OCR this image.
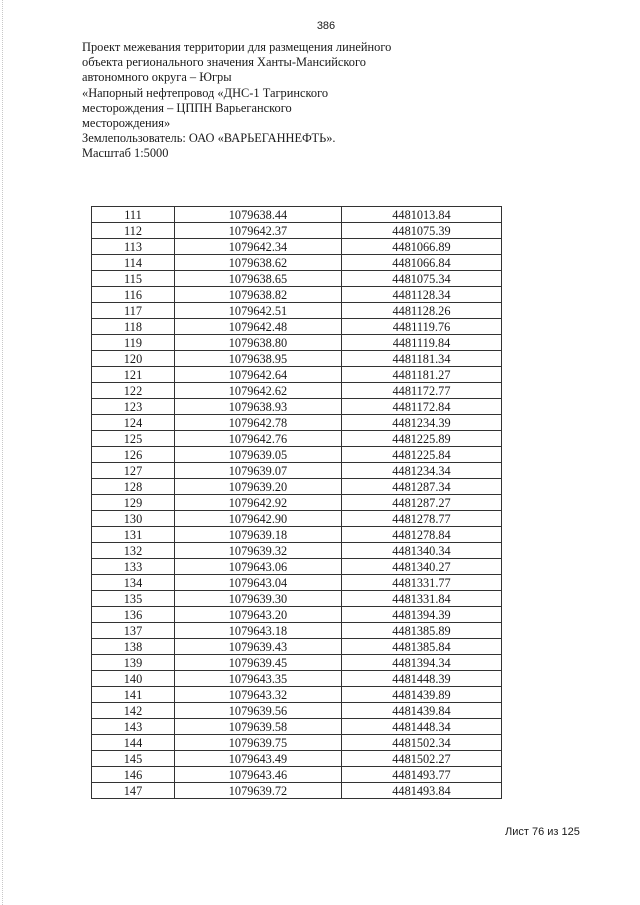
386
Проект межевания территории для размещения линейного
объекта регионального значения Ханты-Мансийского
автономного округа – Югры
«Напорный нефтепровод «ДНС-1 Тагринского
месторождения – ЦППН Варьеганского
месторождения»
Землепользователь: ОАО «ВАРЬЕГАННЕФТЬ».
Масштаб 1:5000
111	1079638.44	4481013.84
112	1079642.37	4481075.39
113	1079642.34	4481066.89
114	1079638.62	4481066.84
115	1079638.65	4481075.34
116	1079638.82	4481128.34
117	1079642.51	4481128.26
118	1079642.48	4481119.76
119	1079638.80	4481119.84
120	1079638.95	4481181.34
121	1079642.64	4481181.27
122	1079642.62	4481172.77
123	1079638.93	4481172.84
124	1079642.78	4481234.39
125	1079642.76	4481225.89
126	1079639.05	4481225.84
127	1079639.07	4481234.34
128	1079639.20	4481287.34
129	1079642.92	4481287.27
130	1079642.90	4481278.77
131	1079639.18	4481278.84
132	1079639.32	4481340.34
133	1079643.06	4481340.27
134	1079643.04	4481331.77
135	1079639.30	4481331.84
136	1079643.20	4481394.39
137	1079643.18	4481385.89
138	1079639.43	4481385.84
139	1079639.45	4481394.34
140	1079643.35	4481448.39
141	1079643.32	4481439.89
142	1079639.56	4481439.84
143	1079639.58	4481448.34
144	1079639.75	4481502.34
145	1079643.49	4481502.27
146	1079643.46	4481493.77
147	1079639.72	4481493.84
Лист 76 из 125
